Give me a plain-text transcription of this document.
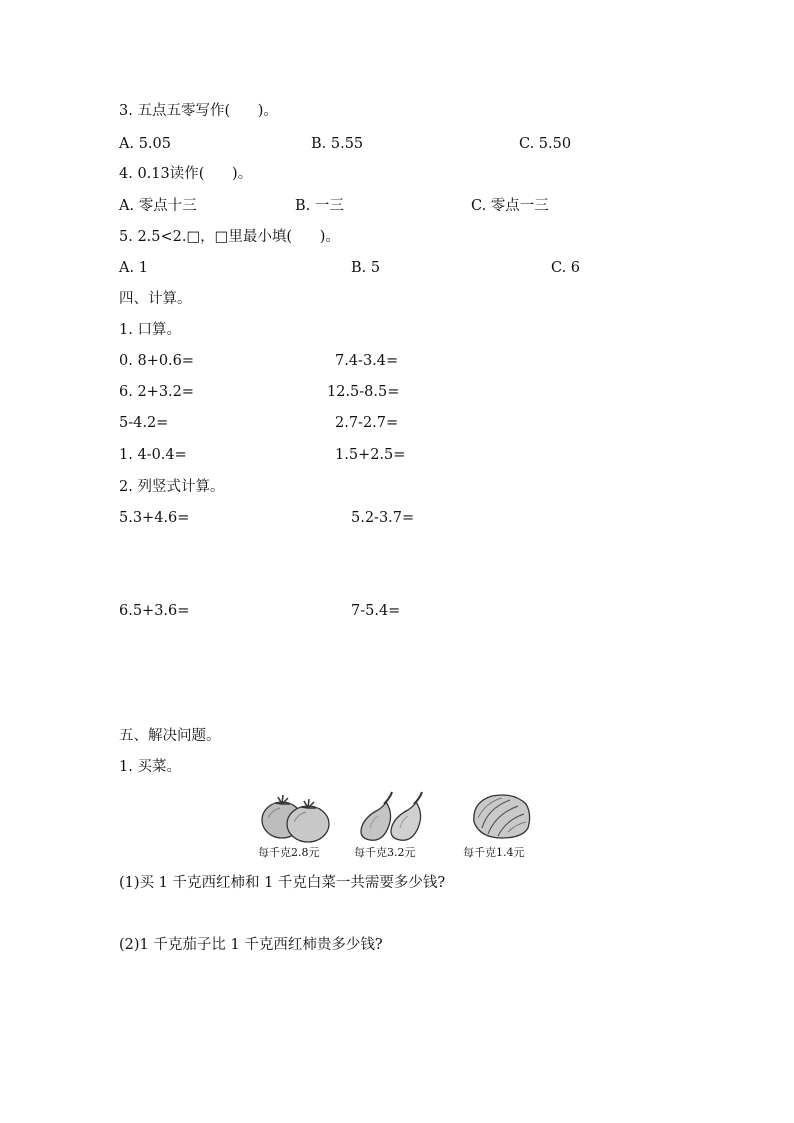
3. 五点五零写作(      )。
A. 5.05	B. 5.55	C. 5.50
4. 0.13读作(      )。
A. 零点十三	B. 一三	C. 零点一三
5. 2.5<2.□，□里最小填(      )。
A. 1	B. 5	C. 6
四、计算。
1. 口算。
0. 8+0.6=	7.4-3.4=
6. 2+3.2=	12.5-8.5=
5-4.2=	2.7-2.7=
1. 4-0.4=	1.5+2.5=
2. 列竖式计算。
5.3+4.6=	5.2-3.7=
6.5+3.6=	7-5.4=
五、解决问题。
1. 买菜。
每千克2.8元	每千克3.2元	每千克1.4元
(1)买 1 千克西红柿和 1 千克白菜一共需要多少钱?
(2)1 千克茄子比 1 千克西红柿贵多少钱?
